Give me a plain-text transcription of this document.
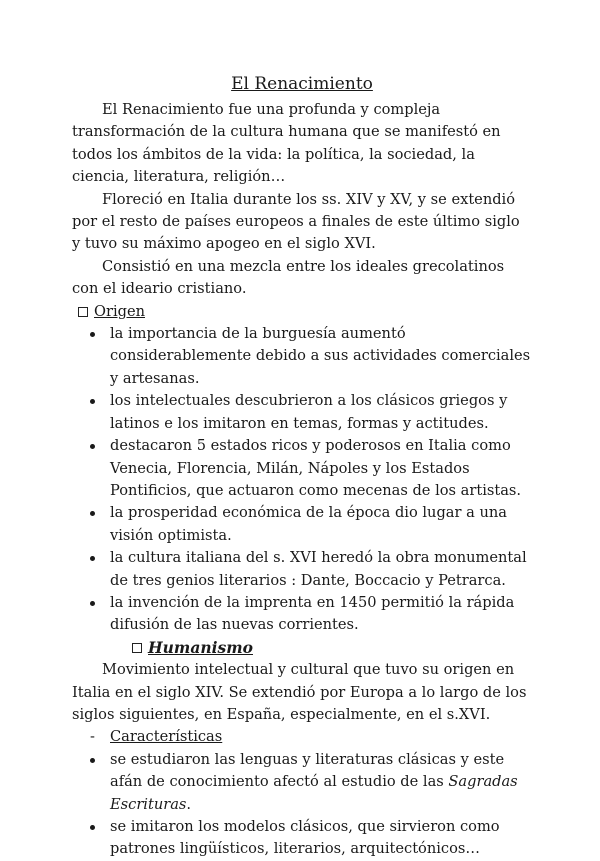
El Renacimiento

El Renacimiento fue una profunda y compleja transformación de la cultura humana que se manifestó en todos los ámbitos de la vida: la política, la sociedad, la ciencia, literatura, religión…

Floreció en Italia durante los ss. XIV y XV, y se extendió por el resto de países europeos a finales de este último siglo y tuvo su máximo apogeo en el siglo XVI.

Consistió en una mezcla entre los ideales grecolatinos con el ideario cristiano.

Origen
la importancia de la burguesía aumentó considerablemente debido a sus actividades comerciales y artesanas.
los intelectuales descubrieron a los clásicos griegos y latinos e los imitaron en temas, formas y actitudes.
destacaron 5 estados ricos y poderosos en Italia como Venecia, Florencia, Milán, Nápoles y los Estados Pontificios, que actuaron como mecenas de los artistas.
la prosperidad económica de la época dio lugar a una visión optimista.
la cultura italiana del s. XVI heredó la obra monumental de tres genios literarios : Dante, Boccacio y Petrarca.
la invención de la imprenta en 1450 permitió la rápida difusión de las nuevas corrientes.
Humanismo

Movimiento intelectual y cultural que tuvo su origen en Italia en el siglo XIV. Se extendió por Europa a lo largo de los siglos siguientes, en España, especialmente, en el s.XVI.

- Características
se estudiaron las lenguas y literaturas clásicas y este afán de conocimiento afectó al estudio de las Sagradas Escrituras.
se imitaron los modelos clásicos, que sirvieron como patrones lingüísticos, literarios, arquitectónicos…
